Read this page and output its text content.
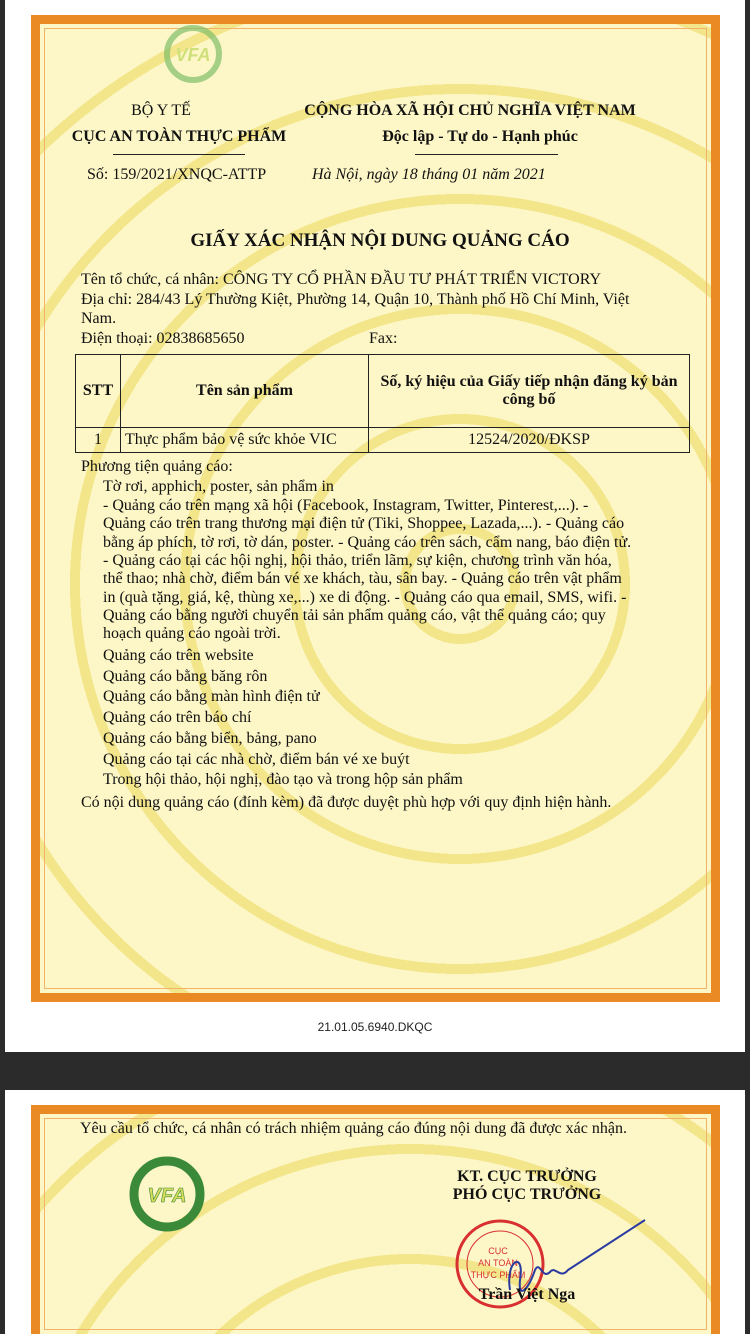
VFA
BỘ Y TẾ
CỤC AN TOÀN THỰC PHẨM
CỘNG HÒA XÃ HỘI CHỦ NGHĨA VIỆT NAM
Độc lập - Tự do - Hạnh phúc
Số: 159/2021/XNQC-ATTP	Hà Nội, ngày 18 tháng 01 năm 2021
GIẤY XÁC NHẬN NỘI DUNG QUẢNG CÁO
Tên tổ chức, cá nhân: CÔNG TY CỔ PHẦN ĐẦU TƯ PHÁT TRIỂN VICTORY
Địa chỉ: 284/43 Lý Thường Kiệt, Phường 14, Quận 10, Thành phố Hồ Chí Minh, Việt
Nam.
Điện thoại: 02838685650	Fax:
STT	Tên sản phẩm	Số, ký hiệu của Giấy tiếp nhận đăng ký bản công bố
1	Thực phẩm bảo vệ sức khỏe VIC	12524/2020/ĐKSP
Phương tiện quảng cáo:
Tờ rơi, apphich, poster, sản phẩm in
- Quảng cáo trên mạng xã hội (Facebook, Instagram, Twitter, Pinterest,...). -
Quảng cáo trên trang thương mại điện tử (Tiki, Shoppee, Lazada,...). - Quảng cáo
bằng áp phích, tờ rơi, tờ dán, poster. - Quảng cáo trên sách, cẩm nang, báo điện tử.
- Quảng cáo tại các hội nghị, hội thảo, triển lãm, sự kiện, chương trình văn hóa,
thể thao; nhà chờ, điểm bán vé xe khách, tàu, sân bay. - Quảng cáo trên vật phẩm
in (quà tặng, giá, kệ, thùng xe,...) xe di động. - Quảng cáo qua email, SMS, wifi. -
Quảng cáo bằng người chuyển tải sản phẩm quảng cáo, vật thể quảng cáo; quy
hoạch quảng cáo ngoài trời.
Quảng cáo trên website
Quảng cáo bằng băng rôn
Quảng cáo bằng màn hình điện tử
Quảng cáo trên báo chí
Quảng cáo bằng biển, bảng, pano
Quảng cáo tại các nhà chờ, điểm bán vé xe buýt
Trong hội thảo, hội nghị, đào tạo và trong hộp sản phẩm
Có nội dung quảng cáo (đính kèm) đã được duyệt phù hợp với quy định hiện hành.
21.01.05.6940.DKQC
Yêu cầu tổ chức, cá nhân có trách nhiệm quảng cáo đúng nội dung đã được xác nhận.
VFA
KT. CỤC TRƯỞNG
PHÓ CỤC TRƯỞNG
CỤC
AN TOÀN
THỰC PHẨM
Trần Việt Nga
